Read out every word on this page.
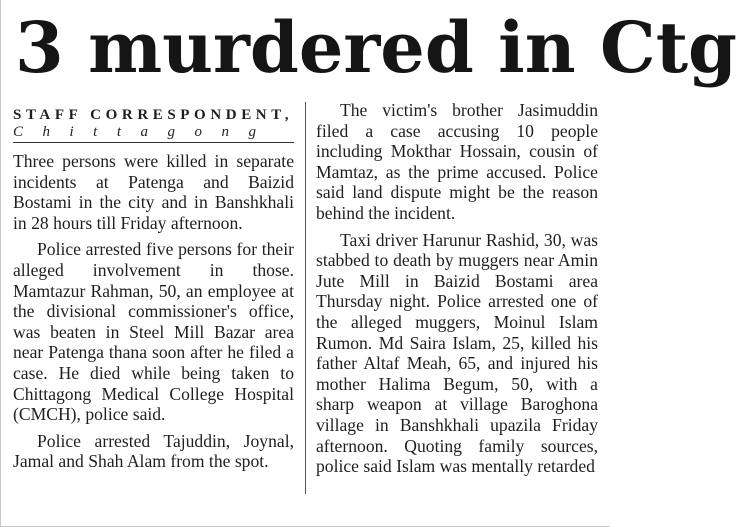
3 murdered in Ctg
STAFF CORRESPONDENT,
Chittagong

Three persons were killed in separate incidents at Patenga and Baizid Bostami in the city and in Banshkhali in 28 hours till Friday afternoon.

Police arrested five persons for their alleged involvement in those. Mamtazur Rahman, 50, an employee at the divisional commissioner's office, was beaten in Steel Mill Bazar area near Patenga thana soon after he filed a case. He died while being taken to Chittagong Medical College Hospital (CMCH), police said.

Police arrested Tajuddin, Joynal, Jamal and Shah Alam from the spot.

The victim's brother Jasimuddin filed a case accusing 10 people including Mokthar Hossain, cousin of Mamtaz, as the prime accused. Police said land dispute might be the reason behind the incident.

Taxi driver Harunur Rashid, 30, was stabbed to death by muggers near Amin Jute Mill in Baizid Bostami area Thursday night. Police arrested one of the alleged muggers, Moinul Islam Rumon. Md Saira Islam, 25, killed his father Altaf Meah, 65, and injured his mother Halima Begum, 50, with a sharp weapon at village Baroghona village in Banshkhali upazila Friday afternoon. Quoting family sources, police said Islam was mentally retarded
